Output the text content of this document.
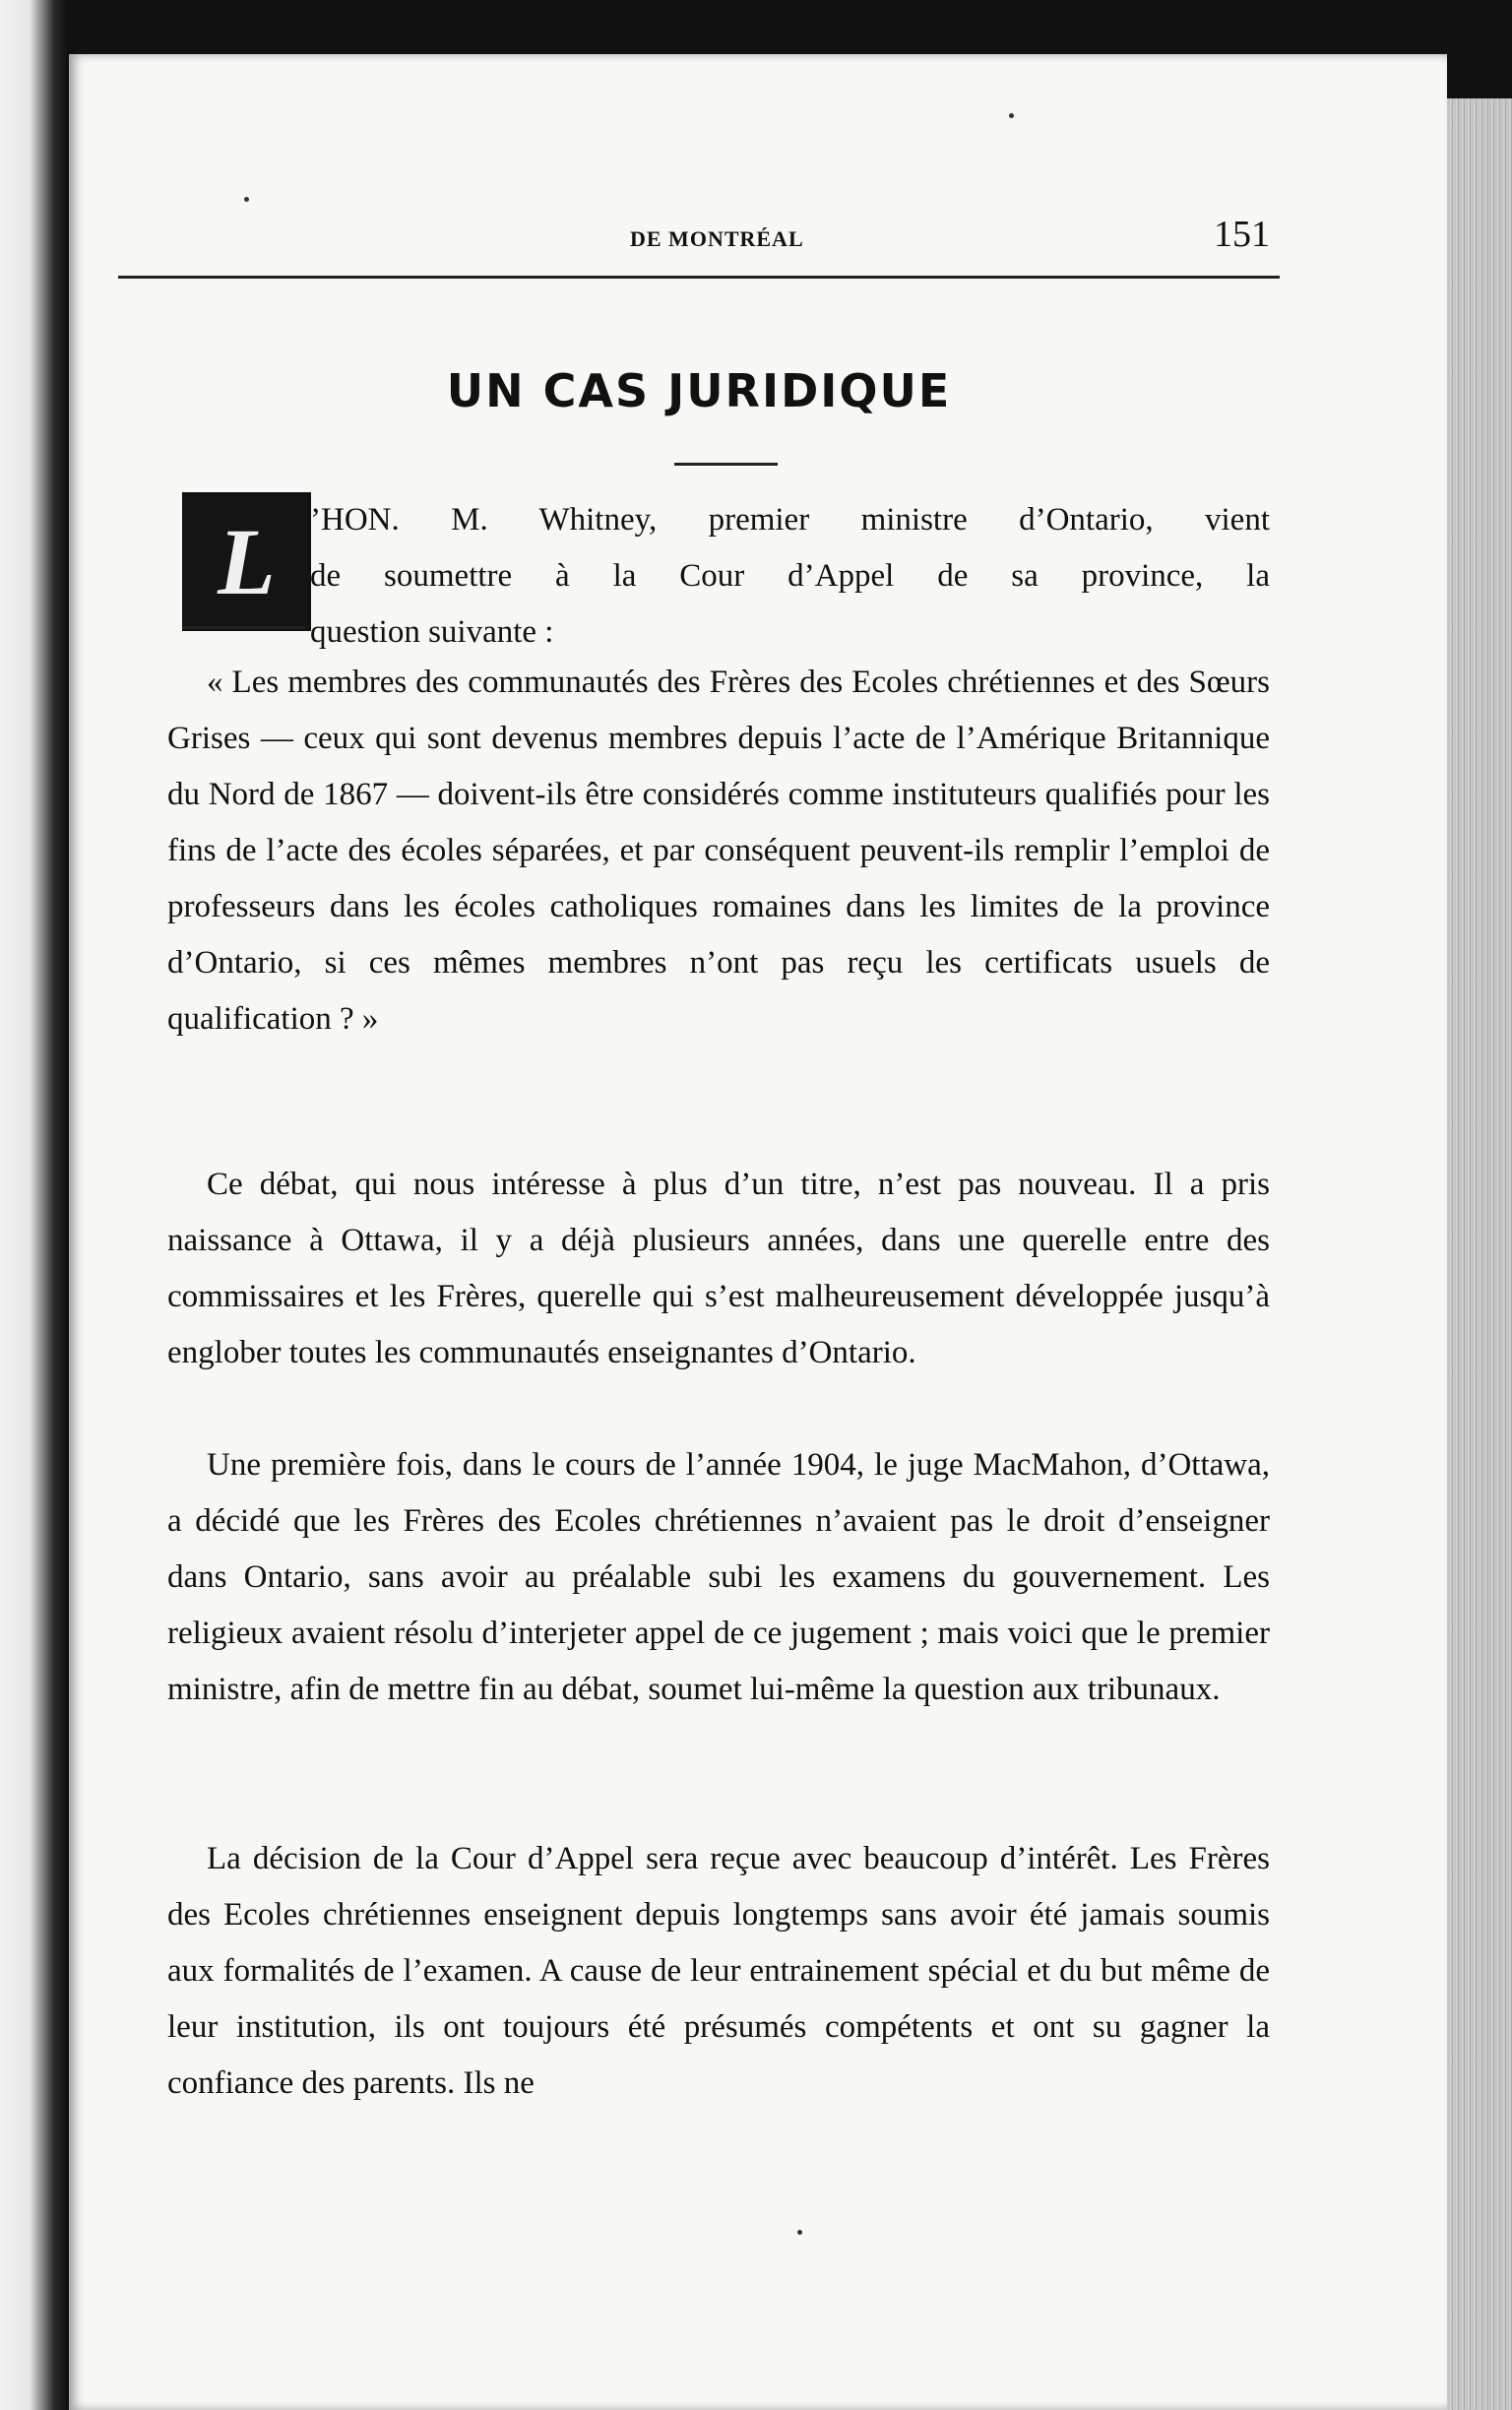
DE MONTRÉAL	151
UN CAS JURIDIQUE
L	’HON. M. Whitney, premier ministre d’Ontario, vient
de soumettre à la Cour d’Appel de sa province, la
question suivante :
« Les membres des communautés des Frères des Ecoles chrétiennes et des Sœurs Grises — ceux qui sont devenus membres depuis l’acte de l’Amérique Britannique du Nord de 1867 — doivent-ils être considérés comme instituteurs qualifiés pour les fins de l’acte des écoles séparées, et par conséquent peuvent-ils remplir l’emploi de professeurs dans les écoles catholiques romaines dans les limites de la province d’Ontario, si ces mêmes membres n’ont pas reçu les certificats usuels de qualification ? »
Ce débat, qui nous intéresse à plus d’un titre, n’est pas nouveau. Il a pris naissance à Ottawa, il y a déjà plusieurs années, dans une querelle entre des commissaires et les Frères, querelle qui s’est malheureusement développée jusqu’à englober toutes les communautés enseignantes d’Ontario.
Une première fois, dans le cours de l’année 1904, le juge MacMahon, d’Ottawa, a décidé que les Frères des Ecoles chrétiennes n’avaient pas le droit d’enseigner dans Ontario, sans avoir au préalable subi les examens du gouvernement. Les religieux avaient résolu d’interjeter appel de ce jugement ; mais voici que le premier ministre, afin de mettre fin au débat, soumet lui-même la question aux tribunaux.
La décision de la Cour d’Appel sera reçue avec beaucoup d’intérêt. Les Frères des Ecoles chrétiennes enseignent depuis longtemps sans avoir été jamais soumis aux formalités de l’examen. A cause de leur entrainement spécial et du but même de leur institution, ils ont toujours été présumés compétents et ont su gagner la confiance des parents. Ils ne
